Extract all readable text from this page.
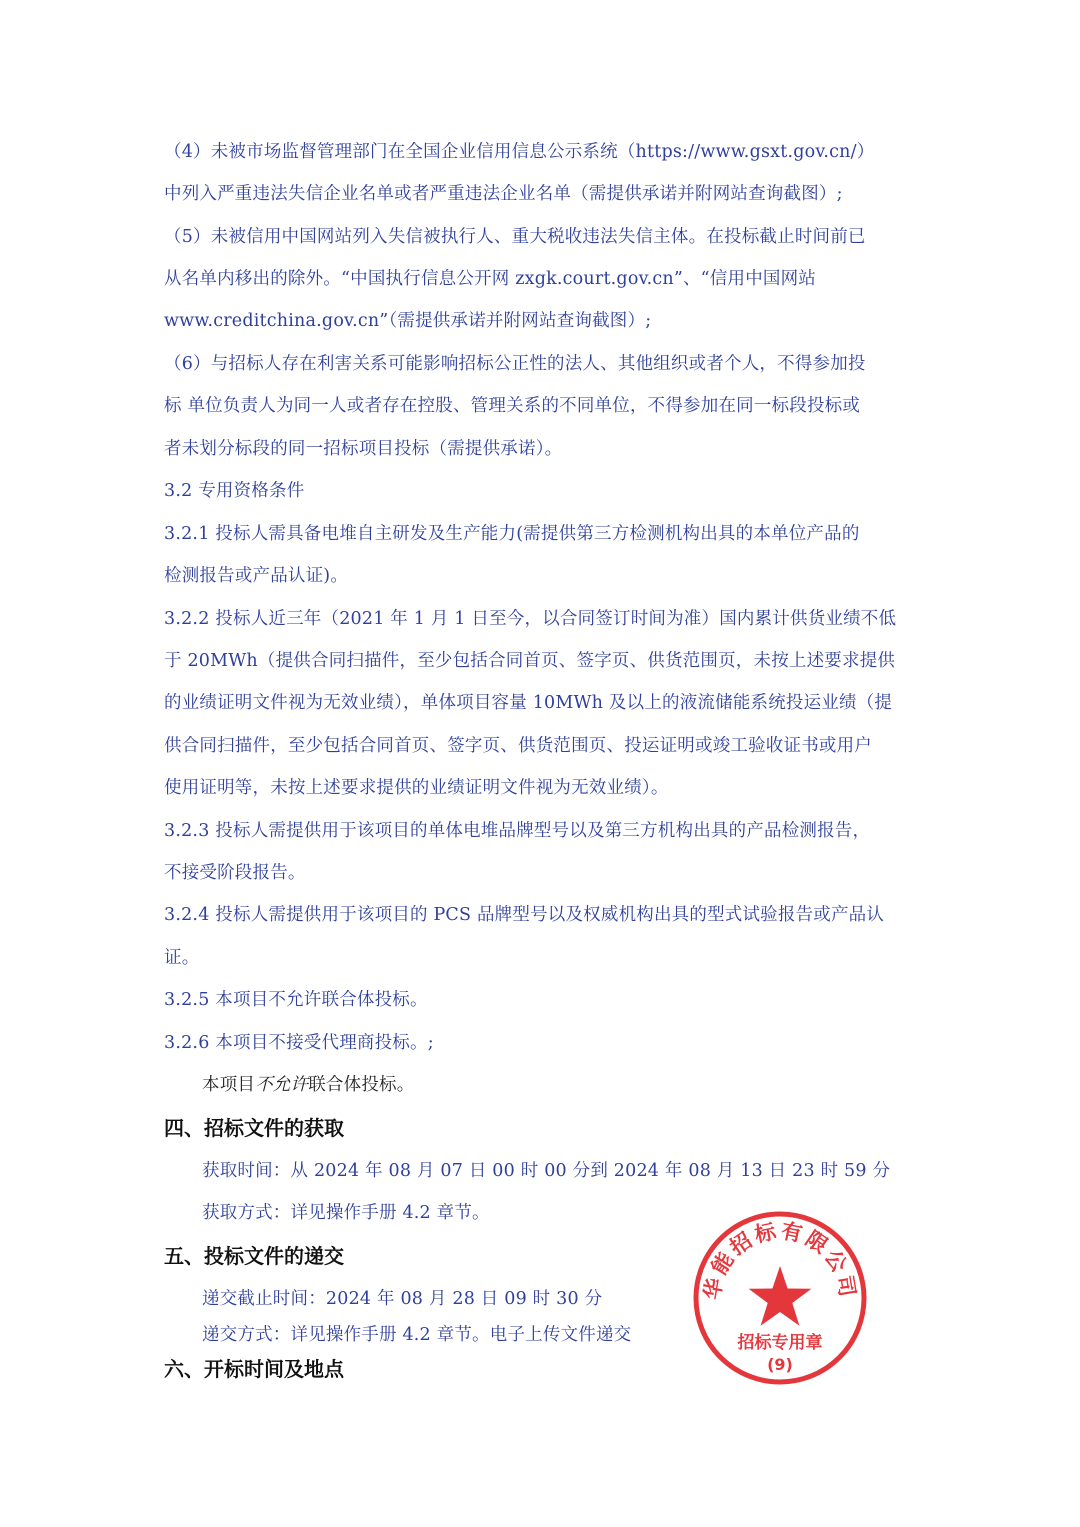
（4）未被市场监督管理部门在全国企业信用信息公示系统（https://www.gsxt.gov.cn/）
中列入严重违法失信企业名单或者严重违法企业名单（需提供承诺并附网站查询截图）;
（5）未被信用中国网站列入失信被执行人、重大税收违法失信主体。在投标截止时间前已
从名单内移出的除外。“中国执行信息公开网 zxgk.court.gov.cn”、“信用中国网站
www.creditchina.gov.cn”（需提供承诺并附网站查询截图）;
（6）与招标人存在利害关系可能影响招标公正性的法人、其他组织或者个人，不得参加投
标 单位负责人为同一人或者存在控股、管理关系的不同单位，不得参加在同一标段投标或
者未划分标段的同一招标项目投标（需提供承诺）。
3.2 专用资格条件
3.2.1 投标人需具备电堆自主研发及生产能力(需提供第三方检测机构出具的本单位产品的
检测报告或产品认证)。
3.2.2 投标人近三年（2021 年 1 月 1 日至今，以合同签订时间为准）国内累计供货业绩不低
于 20MWh（提供合同扫描件，至少包括合同首页、签字页、供货范围页，未按上述要求提供
的业绩证明文件视为无效业绩），单体项目容量 10MWh 及以上的液流储能系统投运业绩（提
供合同扫描件，至少包括合同首页、签字页、供货范围页、投运证明或竣工验收证书或用户
使用证明等，未按上述要求提供的业绩证明文件视为无效业绩）。
3.2.3 投标人需提供用于该项目的单体电堆品牌型号以及第三方机构出具的产品检测报告，
不接受阶段报告。
3.2.4 投标人需提供用于该项目的 PCS 品牌型号以及权威机构出具的型式试验报告或产品认
证。
3.2.5 本项目不允许联合体投标。
3.2.6 本项目不接受代理商投标。;
本项目不允许联合体投标。
四、招标文件的获取
获取时间：从 2024 年 08 月 07 日 00 时 00 分到 2024 年 08 月 13 日 23 时 59 分
获取方式：详见操作手册 4.2 章节。
五、投标文件的递交
递交截止时间：2024 年 08 月 28 日 09 时 30 分
递交方式：详见操作手册 4.2 章节。电子上传文件递交
六、开标时间及地点
华能招标有限公司
招标专用章
(9)
